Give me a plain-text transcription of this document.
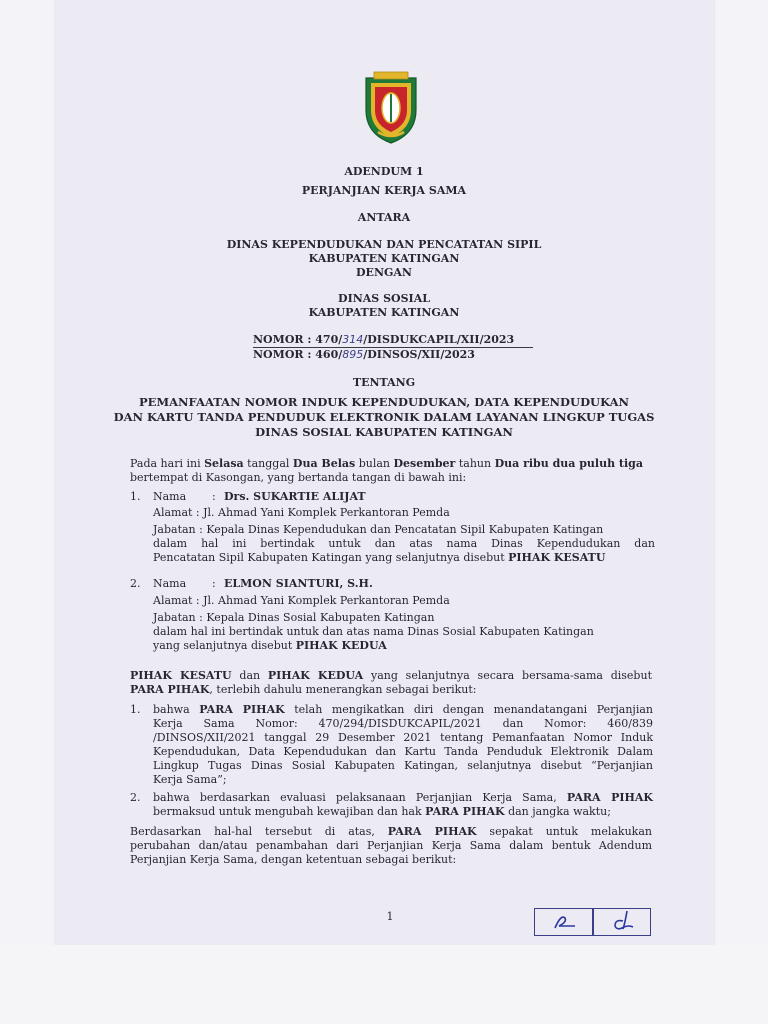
ADENDUM 1
PERJANJIAN KERJA SAMA
ANTARA
DINAS KEPENDUDUKAN DAN PENCATATAN SIPIL
KABUPATEN KATINGAN
DENGAN
DINAS SOSIAL
KABUPATEN KATINGAN
NOMOR : 470/314/DISDUKCAPIL/XII/2023
NOMOR : 460/895/DINSOS/XII/2023
TENTANG
PEMANFAATAN NOMOR INDUK KEPENDUDUKAN, DATA KEPENDUDUKAN
DAN KARTU TANDA PENDUDUK ELEKTRONIK DALAM LAYANAN LINGKUP TUGAS
DINAS SOSIAL KABUPATEN KATINGAN
Pada hari ini Selasa tanggal Dua Belas bulan Desember tahun Dua ribu dua puluh tiga
bertempat di Kasongan, yang bertanda tangan di bawah ini:
1. Nama : Drs. SUKARTIE ALIJAT
Alamat : Jl. Ahmad Yani Komplek Perkantoran Pemda
Jabatan : Kepala Dinas Kependudukan dan Pencatatan Sipil Kabupaten Katingan
dalam hal ini bertindak untuk dan atas nama Dinas Kependudukan dan
Pencatatan Sipil Kabupaten Katingan yang selanjutnya disebut PIHAK KESATU
2. Nama : ELMON SIANTURI, S.H.
Alamat : Jl. Ahmad Yani Komplek Perkantoran Pemda
Jabatan : Kepala Dinas Sosial Kabupaten Katingan
dalam hal ini bertindak untuk dan atas nama Dinas Sosial Kabupaten Katingan
yang selanjutnya disebut PIHAK KEDUA
PIHAK KESATU dan PIHAK KEDUA yang selanjutnya secara bersama-sama disebut
PARA PIHAK, terlebih dahulu menerangkan sebagai berikut:
1. bahwa PARA PIHAK telah mengikatkan diri dengan menandatangani Perjanjian
Kerja Sama Nomor: 470/294/DISDUKCAPIL/2021 dan Nomor: 460/839
/DINSOS/XII/2021 tanggal 29 Desember 2021 tentang Pemanfaatan Nomor Induk
Kependudukan, Data Kependudukan dan Kartu Tanda Penduduk Elektronik Dalam
Lingkup Tugas Dinas Sosial Kabupaten Katingan, selanjutnya disebut “Perjanjian
Kerja Sama”;
2. bahwa berdasarkan evaluasi pelaksanaan Perjanjian Kerja Sama, PARA PIHAK
bermaksud untuk mengubah kewajiban dan hak PARA PIHAK dan jangka waktu;
Berdasarkan hal-hal tersebut di atas, PARA PIHAK sepakat untuk melakukan
perubahan dan/atau penambahan dari Perjanjian Kerja Sama dalam bentuk Adendum
Perjanjian Kerja Sama, dengan ketentuan sebagai berikut:
1
